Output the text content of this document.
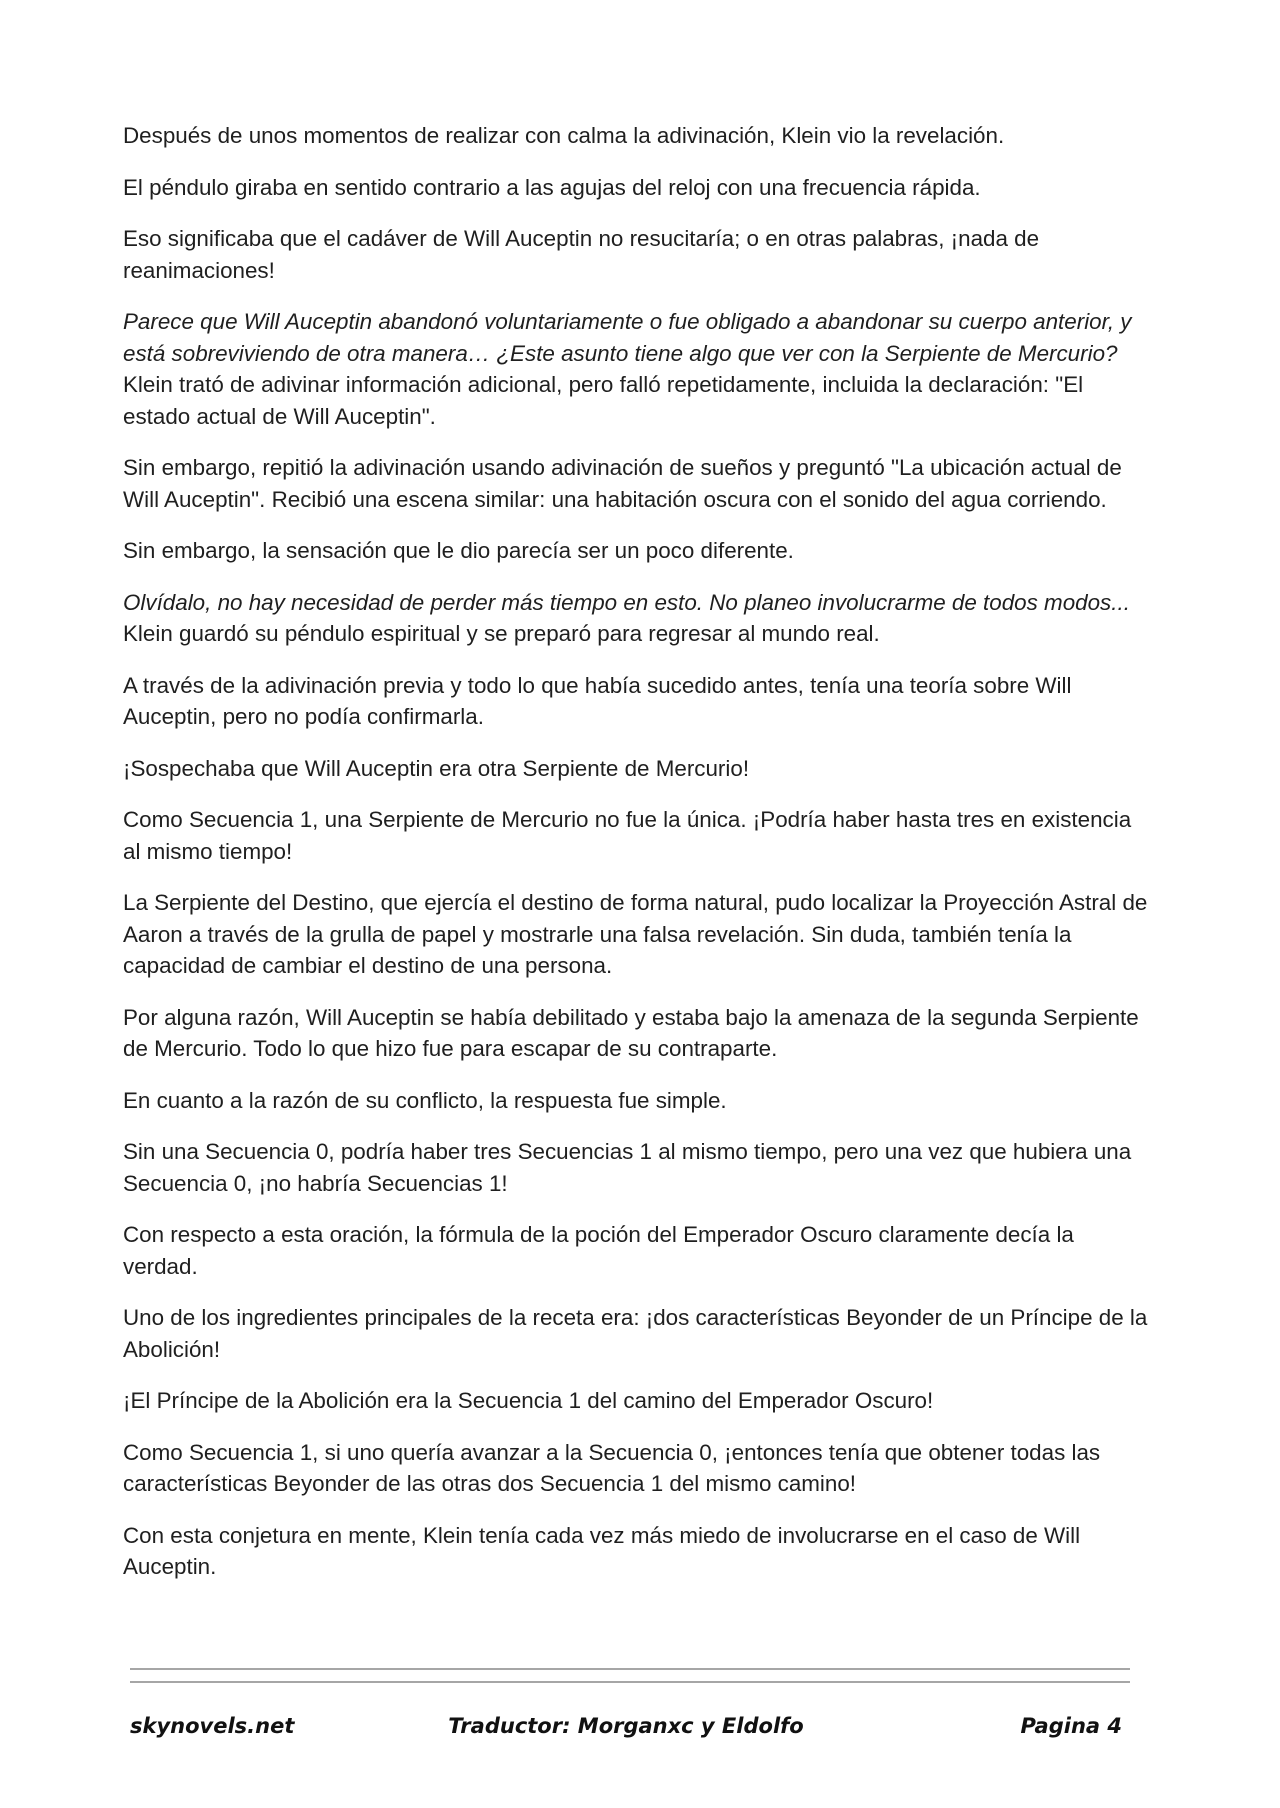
Después de unos momentos de realizar con calma la adivinación, Klein vio la revelación.

El péndulo giraba en sentido contrario a las agujas del reloj con una frecuencia rápida.

Eso significaba que el cadáver de Will Auceptin no resucitaría; o en otras palabras, ¡nada de reanimaciones!

Parece que Will Auceptin abandonó voluntariamente o fue obligado a abandonar su cuerpo anterior, y está sobreviviendo de otra manera… ¿Este asunto tiene algo que ver con la Serpiente de Mercurio? Klein trató de adivinar información adicional, pero falló repetidamente, incluida la declaración: "El estado actual de Will Auceptin".

Sin embargo, repitió la adivinación usando adivinación de sueños y preguntó "La ubicación actual de Will Auceptin". Recibió una escena similar: una habitación oscura con el sonido del agua corriendo.

Sin embargo, la sensación que le dio parecía ser un poco diferente.

Olvídalo, no hay necesidad de perder más tiempo en esto. No planeo involucrarme de todos modos... Klein guardó su péndulo espiritual y se preparó para regresar al mundo real.

A través de la adivinación previa y todo lo que había sucedido antes, tenía una teoría sobre Will Auceptin, pero no podía confirmarla.

¡Sospechaba que Will Auceptin era otra Serpiente de Mercurio!

Como Secuencia 1, una Serpiente de Mercurio no fue la única. ¡Podría haber hasta tres en existencia al mismo tiempo!

La Serpiente del Destino, que ejercía el destino de forma natural, pudo localizar la Proyección Astral de Aaron a través de la grulla de papel y mostrarle una falsa revelación. Sin duda, también tenía la capacidad de cambiar el destino de una persona.

Por alguna razón, Will Auceptin se había debilitado y estaba bajo la amenaza de la segunda Serpiente de Mercurio. Todo lo que hizo fue para escapar de su contraparte.

En cuanto a la razón de su conflicto, la respuesta fue simple.

Sin una Secuencia 0, podría haber tres Secuencias 1 al mismo tiempo, pero una vez que hubiera una Secuencia 0, ¡no habría Secuencias 1!

Con respecto a esta oración, la fórmula de la poción del Emperador Oscuro claramente decía la verdad.

Uno de los ingredientes principales de la receta era: ¡dos características Beyonder de un Príncipe de la Abolición!

¡El Príncipe de la Abolición era la Secuencia 1 del camino del Emperador Oscuro!

Como Secuencia 1, si uno quería avanzar a la Secuencia 0, ¡entonces tenía que obtener todas las características Beyonder de las otras dos Secuencia 1 del mismo camino!

Con esta conjetura en mente, Klein tenía cada vez más miedo de involucrarse en el caso de Will Auceptin.

skynovels.net	Traductor: Morganxc y Eldolfo	Pagina 4
